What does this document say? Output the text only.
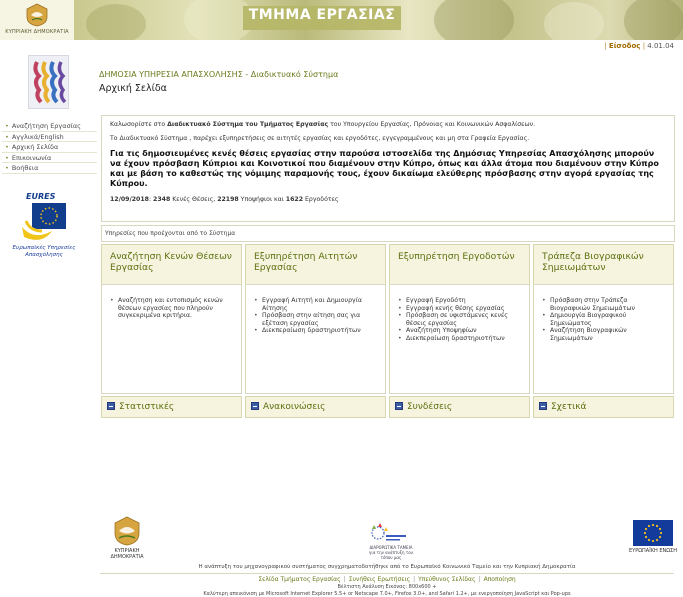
ΚΥΠΡΙΑΚΗ ΔΗΜΟΚΡΑΤΙΑ
ΤΜΗΜΑ ΕΡΓΑΣΙΑΣ
| Είσοδος | 4.01.04
ΔΗΜΟΣΙΑ ΥΠΗΡΕΣΙΑ ΑΠΑΣΧΟΛΗΣΗΣ - Διαδικτυακό Σύστημα
Αρχική Σελίδα
• Αναζήτηση Εργασίας
• Αγγλικά/English
• Αρχική Σελίδα
• Επικοινωνία
• Βοήθεια
EURES
Ευρωπαϊκές Υπηρεσίες Απασχόλησης

Καλωσορίστε στο Διαδικτυακό Σύστημα του Τμήματος Εργασίας του Υπουργείου Εργασίας, Πρόνοιας και Κοινωνικών Ασφαλίσεων.

Το Διαδικτυακό Σύστημα , παρέχει εξυπηρετήσεις σε αιτητές εργασίας και εργοδότες, εγγεγραμμένους και μη στα Γραφεία Εργασίας.

Για τις δημοσιευμένες κενές θέσεις εργασίας στην παρούσα ιστοσελίδα της Δημόσιας Υπηρεσίας Απασχόλησης μπορούν να έχουν πρόσβαση Κύπριοι και Κοινοτικοί που διαμένουν στην Κύπρο, όπως και άλλα άτομα που διαμένουν στην Κύπρο και με βάση το καθεστώς της νόμιμης παραμονής τους, έχουν δικαίωμα ελεύθερης πρόσβασης στην αγορά εργασίας της Κύπρου.

12/09/2018: 2348 Κενές Θέσεις, 22198 Υποψήφιοι και 1622 Εργοδότες

Υπηρεσίες που προέχονται από το Σύστημα
Αναζήτηση Κενών Θέσεων Εργασίας
Εξυπηρέτηση Αιτητών Εργασίας
Εξυπηρέτηση Εργοδοτών	Τράπεζα Βιογραφικών Σημειωμάτων
• Αναζήτηση και εντοπισμός κενών θέσεων εργασίας που πληρούν συγκεκριμένα κριτήρια.
• Εγγραφή Αιτητή και Δημιουργία Αίτησης
• Πρόσβαση στην αίτηση σας για εξέταση εργασίας
• Διεκπεραίωση δραστηριοτήτων
• Εγγραφή Εργοδότη
• Εγγραφή κενής θέσης εργασίας
• Πρόσβαση σε υφιστάμενες κενές θέσεις εργασίας
• Αναζήτηση Υποψηφίων
• Διεκπεραίωση δραστηριοτήτων
• Πρόσβαση στην Τράπεζα Βιογραφικών Σημειωμάτων
• Δημιουργία Βιογραφικού Σημειώματος
• Αναζήτηση Βιογραφικών Σημειωμάτων
Στατιστικές	Ανακοινώσεις	Συνδέσεις	Σχετικά
ΚΥΠΡΙΑΚΗ ΔΗΜΟΚΡΑΤΙΑ
ΔΙΑΡΘΡΩΤΙΚΑ ΤΑΜΕΙΑ για την ανάπτυξη του τόπου μας
ΕΥΡΩΠΑΪΚΗ ΕΝΩΣΗ
Η ανάπτυξη του μηχανογραφικού συστήματος συγχρηματοδοτήθηκε από το Ευρωπαϊκό Κοινωνικό Ταμείο και την Κυπριακή Δημοκρατία
Σελίδα Τμήματος Εργασίας | Συνήθεις Ερωτήσεις | Υπεύθυνος Σελίδας | Αποποίηση
Βέλτιστη Ανάλυση Εικόνας: 800x600 +
Καλύτερη απεικόνιση με Microsoft Internet Explorer 5.5+ or Netscape 7.0+, Firefox 3.0+, and Safari 1.2+, με ενεργοποίηση JavaScript και Pop-ups
